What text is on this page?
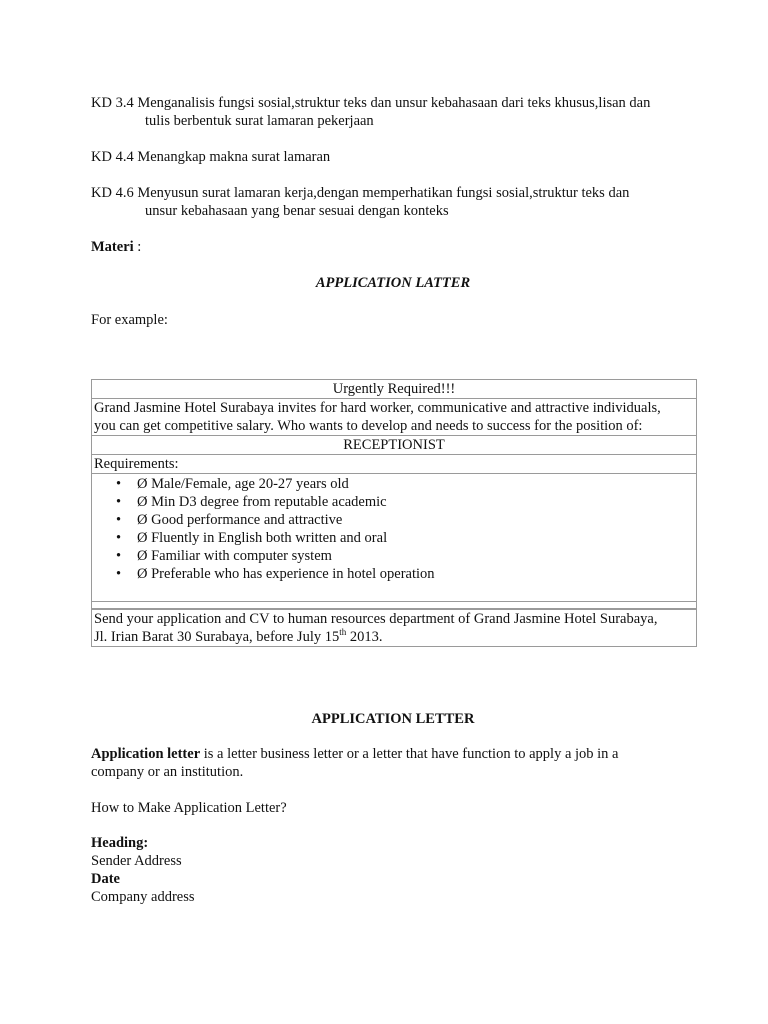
KD 3.4 Menganalisis fungsi sosial,struktur teks dan unsur kebahasaan dari teks khusus,lisan dan
tulis berbentuk surat lamaran pekerjaan
KD 4.4 Menangkap makna surat lamaran
KD 4.6 Menyusun surat lamaran kerja,dengan memperhatikan fungsi sosial,struktur teks dan
unsur kebahasaan yang benar sesuai dengan konteks
Materi :
APPLICATION LATTER
For example:
Urgently Required!!!
Grand Jasmine Hotel Surabaya invites for hard worker, communicative and attractive individuals,
you can get competitive salary. Who wants to develop and needs to success for the position of:
RECEPTIONIST
Requirements:
• Ø Male/Female, age 20-27 years old
• Ø Min D3 degree from reputable academic
• Ø Good performance and attractive
• Ø Fluently in English both written and oral
• Ø Familiar with computer system
• Ø Preferable who has experience in hotel operation
Send your application and CV to human resources department of Grand Jasmine Hotel Surabaya,
Jl. Irian Barat 30 Surabaya, before July 15th 2013.
APPLICATION LETTER
Application letter is a letter business letter or a letter that have function to apply a job in a
company or an institution.
How to Make Application Letter?
Heading:
Sender Address
Date
Company address
